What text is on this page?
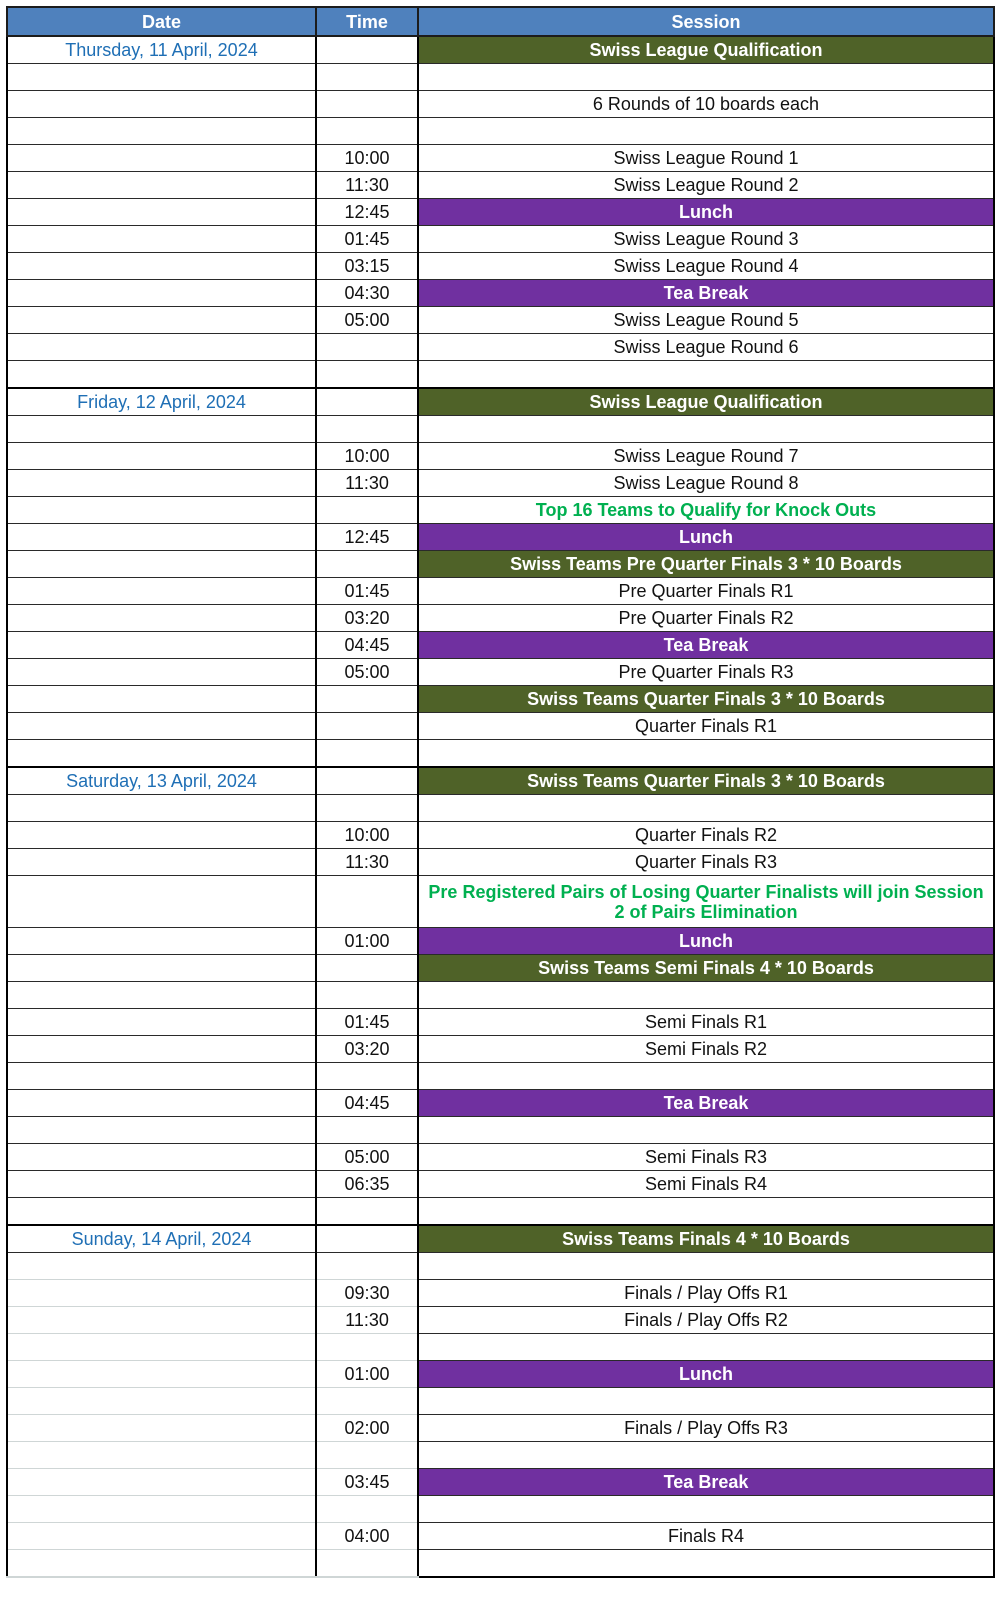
Date	Time	Session
Thursday, 11 April, 2024		Swiss League Qualification

		6 Rounds of 10 boards each

	10:00	Swiss League Round 1
	11:30	Swiss League Round 2
	12:45	Lunch
	01:45	Swiss League Round 3
	03:15	Swiss League Round 4
	04:30	Tea Break
	05:00	Swiss League Round 5
		Swiss League Round 6

Friday, 12 April, 2024		Swiss League Qualification

	10:00	Swiss League Round 7
	11:30	Swiss League Round 8
		Top 16 Teams to Qualify for Knock Outs
	12:45	Lunch
		Swiss Teams Pre Quarter Finals 3 * 10 Boards
	01:45	Pre Quarter Finals R1
	03:20	Pre Quarter Finals R2
	04:45	Tea Break
	05:00	Pre Quarter Finals R3
		Swiss Teams Quarter Finals 3 * 10 Boards
		Quarter Finals R1

Saturday, 13 April, 2024		Swiss Teams Quarter Finals 3 * 10 Boards

	10:00	Quarter Finals R2
	11:30	Quarter Finals R3
		Pre Registered Pairs of Losing Quarter Finalists will join Session 2 of Pairs Elimination
	01:00	Lunch
		Swiss Teams Semi Finals 4 * 10 Boards

	01:45	Semi Finals R1
	03:20	Semi Finals R2

	04:45	Tea Break

	05:00	Semi Finals R3
	06:35	Semi Finals R4

Sunday, 14 April, 2024		Swiss Teams Finals 4 * 10 Boards

	09:30	Finals / Play Offs R1
	11:30	Finals / Play Offs R2

	01:00	Lunch

	02:00	Finals / Play Offs R3

	03:45	Tea Break

	04:00	Finals R4
